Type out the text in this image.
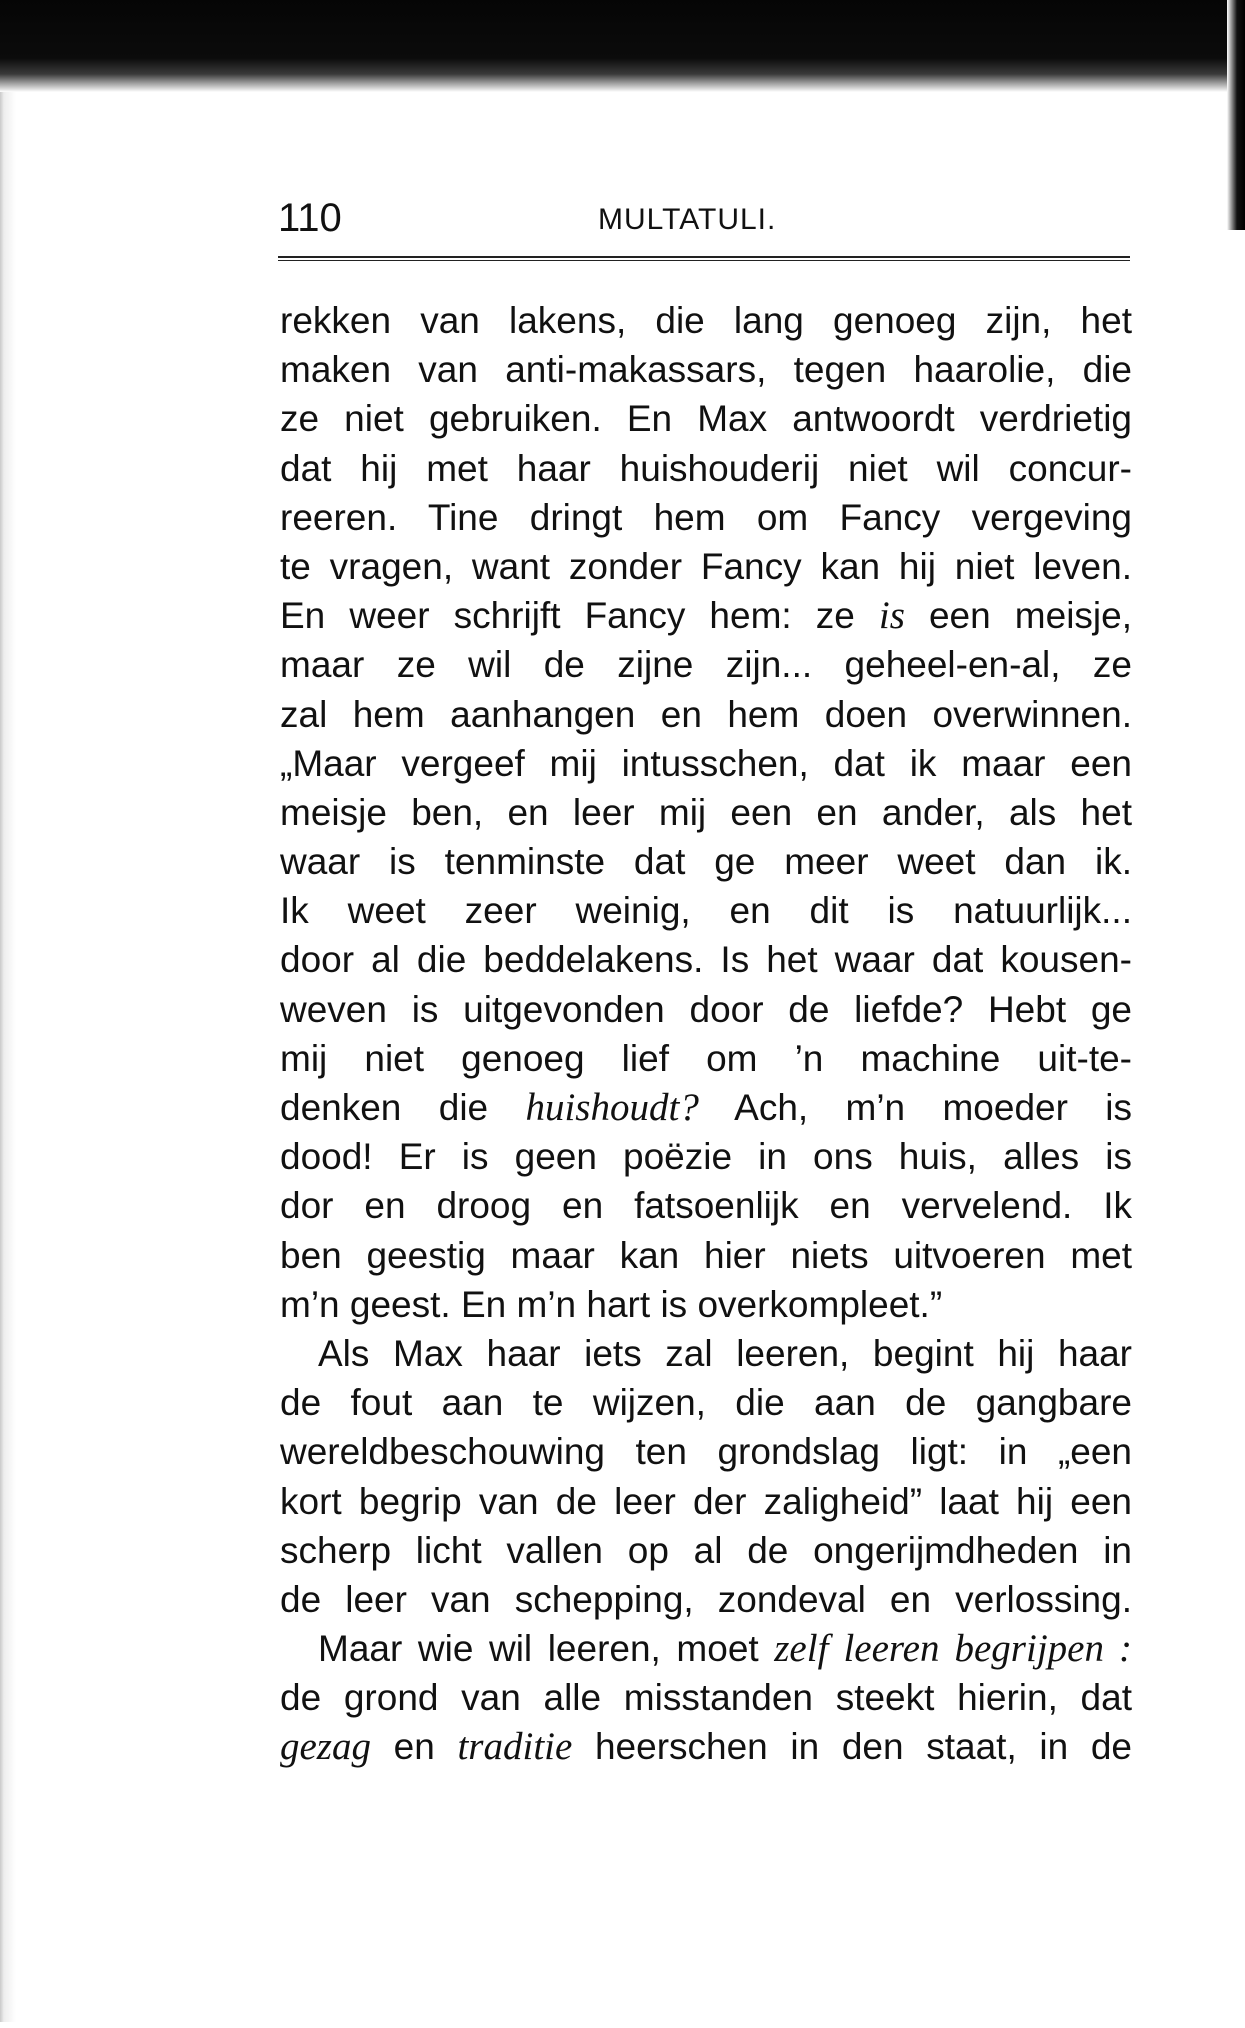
110	MULTATULI.
rekken van lakens, die lang genoeg zijn, het
maken van anti-makassars, tegen haarolie, die
ze niet gebruiken. En Max antwoordt verdrietig
dat hij met haar huishouderij niet wil concur-
reeren. Tine dringt hem om Fancy vergeving
te vragen, want zonder Fancy kan hij niet leven.
En weer schrijft Fancy hem: ze is een meisje,
maar ze wil de zijne zijn... geheel-en-al, ze
zal hem aanhangen en hem doen overwinnen.
„Maar vergeef mij intusschen, dat ik maar een
meisje ben, en leer mij een en ander, als het
waar is tenminste dat ge meer weet dan ik.
Ik weet zeer weinig, en dit is natuurlijk...
door al die beddelakens. Is het waar dat kousen-
weven is uitgevonden door de liefde? Hebt ge
mij niet genoeg lief om ’n machine uit-te-
denken die huishoudt? Ach, m’n moeder is
dood! Er is geen poëzie in ons huis, alles is
dor en droog en fatsoenlijk en vervelend. Ik
ben geestig maar kan hier niets uitvoeren met
m’n geest. En m’n hart is overkompleet.”
Als Max haar iets zal leeren, begint hij haar
de fout aan te wijzen, die aan de gangbare
wereldbeschouwing ten grondslag ligt: in „een
kort begrip van de leer der zaligheid” laat hij een
scherp licht vallen op al de ongerijmdheden in
de leer van schepping, zondeval en verlossing.
Maar wie wil leeren, moet zelf leeren begrijpen :
de grond van alle misstanden steekt hierin, dat
gezag en traditie heerschen in den staat, in de
